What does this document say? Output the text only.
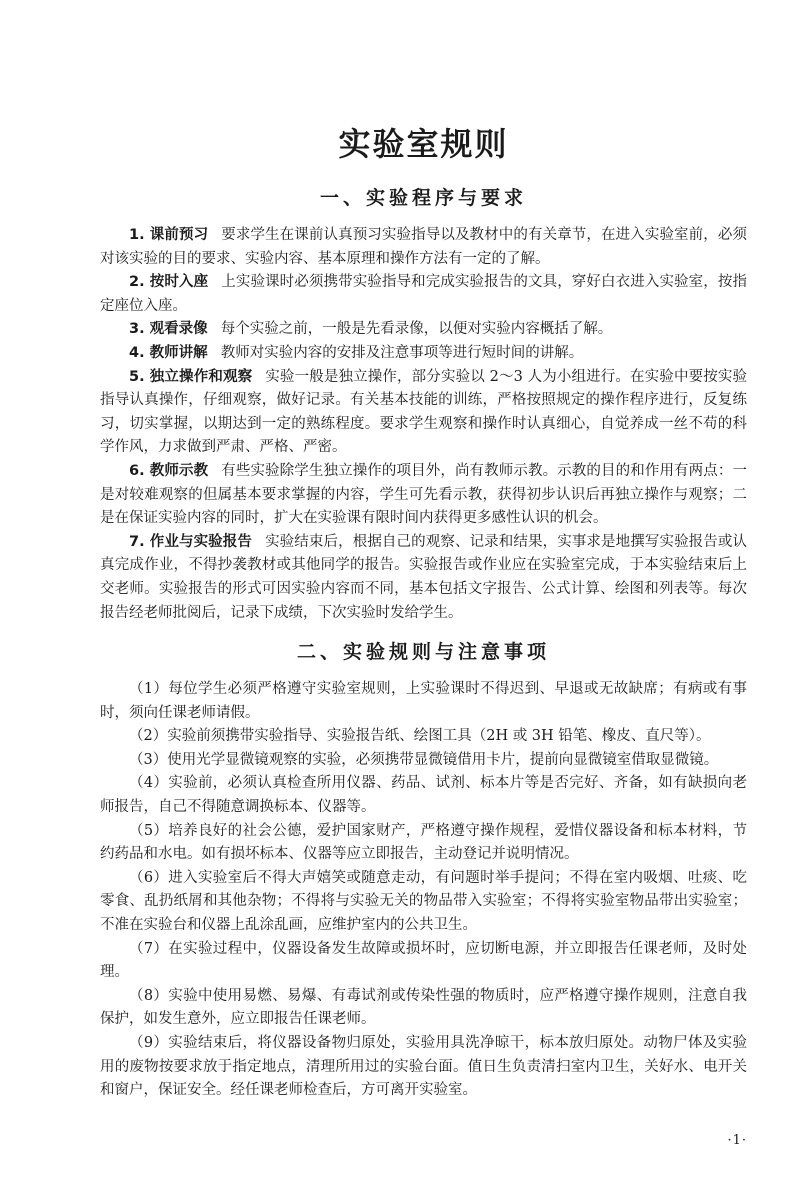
实验室规则
一、实验程序与要求

1. 课前预习 要求学生在课前认真预习实验指导以及教材中的有关章节，在进入实验室前，必须对该实验的目的要求、实验内容、基本原理和操作方法有一定的了解。

2. 按时入座 上实验课时必须携带实验指导和完成实验报告的文具，穿好白衣进入实验室，按指定座位入座。

3. 观看录像 每个实验之前，一般是先看录像，以便对实验内容概括了解。

4. 教师讲解 教师对实验内容的安排及注意事项等进行短时间的讲解。

5. 独立操作和观察 实验一般是独立操作，部分实验以 2～3 人为小组进行。在实验中要按实验指导认真操作，仔细观察，做好记录。有关基本技能的训练，严格按照规定的操作程序进行，反复练习，切实掌握，以期达到一定的熟练程度。要求学生观察和操作时认真细心，自觉养成一丝不苟的科学作风，力求做到严肃、严格、严密。

6. 教师示教 有些实验除学生独立操作的项目外，尚有教师示教。示教的目的和作用有两点：一是对较难观察的但属基本要求掌握的内容，学生可先看示教，获得初步认识后再独立操作与观察；二是在保证实验内容的同时，扩大在实验课有限时间内获得更多感性认识的机会。

7. 作业与实验报告 实验结束后，根据自己的观察、记录和结果，实事求是地撰写实验报告或认真完成作业，不得抄袭教材或其他同学的报告。实验报告或作业应在实验室完成，于本实验结束后上交老师。实验报告的形式可因实验内容而不同，基本包括文字报告、公式计算、绘图和列表等。每次报告经老师批阅后，记录下成绩，下次实验时发给学生。

二、实验规则与注意事项

（1）每位学生必须严格遵守实验室规则，上实验课时不得迟到、早退或无故缺席；有病或有事时，须向任课老师请假。

（2）实验前须携带实验指导、实验报告纸、绘图工具（2H 或 3H 铅笔、橡皮、直尺等）。

（3）使用光学显微镜观察的实验，必须携带显微镜借用卡片，提前向显微镜室借取显微镜。

（4）实验前，必须认真检查所用仪器、药品、试剂、标本片等是否完好、齐备，如有缺损向老师报告，自己不得随意调换标本、仪器等。

（5）培养良好的社会公德，爱护国家财产，严格遵守操作规程，爱惜仪器设备和标本材料，节约药品和水电。如有损坏标本、仪器等应立即报告，主动登记并说明情况。

（6）进入实验室后不得大声嬉笑或随意走动，有问题时举手提问；不得在室内吸烟、吐痰、吃零食、乱扔纸屑和其他杂物；不得将与实验无关的物品带入实验室；不得将实验室物品带出实验室；不准在实验台和仪器上乱涂乱画，应维护室内的公共卫生。

（7）在实验过程中，仪器设备发生故障或损坏时，应切断电源，并立即报告任课老师，及时处理。

（8）实验中使用易燃、易爆、有毒试剂或传染性强的物质时，应严格遵守操作规则，注意自我保护，如发生意外，应立即报告任课老师。

（9）实验结束后，将仪器设备物归原处，实验用具洗净晾干，标本放归原处。动物尸体及实验用的废物按要求放于指定地点，清理所用过的实验台面。值日生负责清扫室内卫生，关好水、电开关和窗户，保证安全。经任课老师检查后，方可离开实验室。

·1·
